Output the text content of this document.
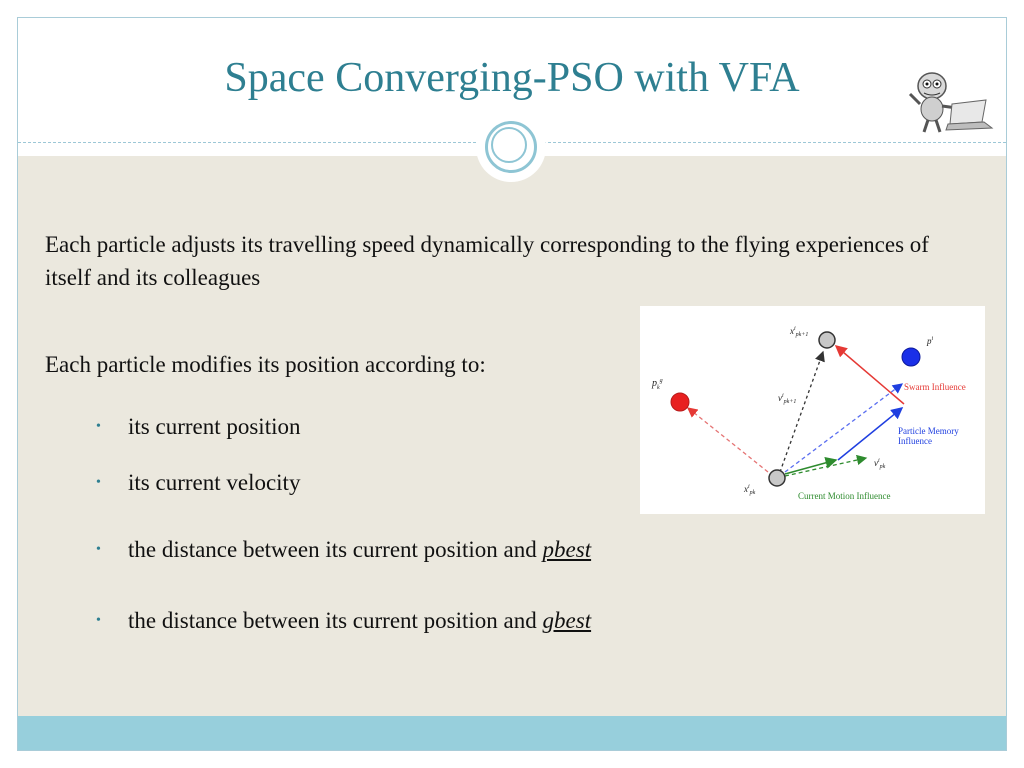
Space Converging-PSO with VFA
Each particle adjusts its travelling speed dynamically corresponding to the flying experiences of itself and its colleagues
Each particle modifies its position according to:
• its current position
• its current velocity
• the distance between its current position and pbest
• the distance between its current position and gbest
$p_k^g$
$x^i_{pk+1}$
$p^i$
$v^i_{pk+1}$
$x^i_{pk}$
$v^i_{pk}$
Swarm Influence
Particle Memory
Influence
Current Motion Influence
